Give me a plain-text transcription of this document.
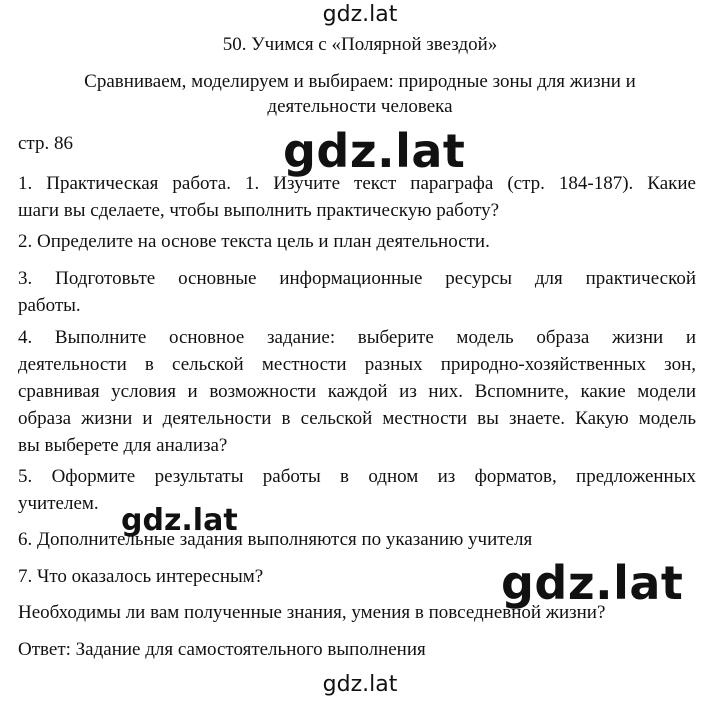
gdz.lat
50. Учимся с «Полярной звездой»
Сравниваем, моделируем и выбираем: природные зоны для жизни и
деятельности человека
стр. 86
1. Практическая работа. 1. Изучите текст параграфа (стр. 184-187). Какие
шаги вы сделаете, чтобы выполнить практическую работу?
2. Определите на основе текста цель и план деятельности.
3. Подготовьте основные информационные ресурсы для практической
работы.
4. Выполните основное задание: выберите модель образа жизни и
деятельности в сельской местности разных природно-хозяйственных зон,
сравнивая условия и возможности каждой из них. Вспомните, какие модели
образа жизни и деятельности в сельской местности вы знаете. Какую модель
вы выберете для анализа?
5. Оформите результаты работы в одном из форматов, предложенных
учителем.
6. Дополнительные задания выполняются по указанию учителя
7. Что оказалось интересным?
Необходимы ли вам полученные знания, умения в повседневной жизни?
Ответ: Задание для самостоятельного выполнения
gdz.lat
gdz.lat
gdz.lat
gdz.lat
